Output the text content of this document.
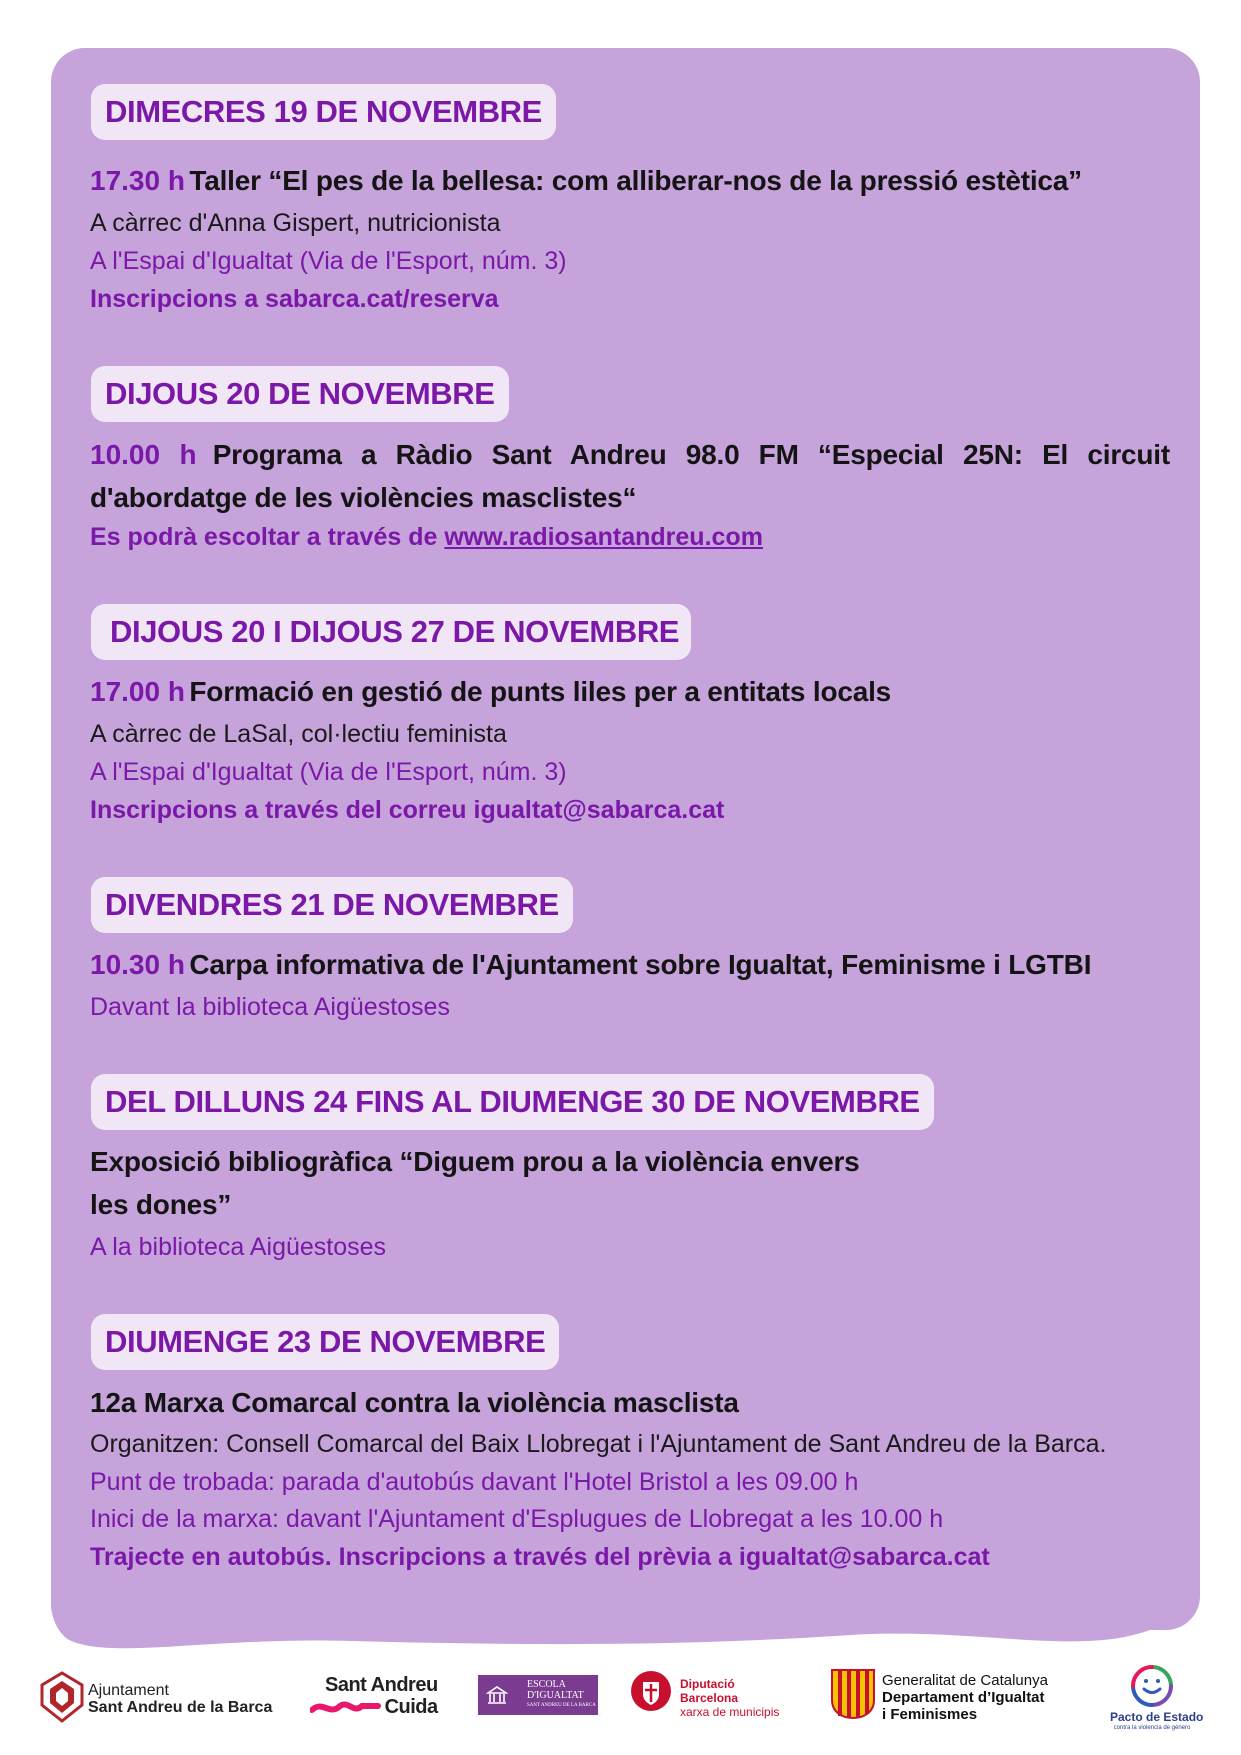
DIMECRES 19 DE NOVEMBRE
17.30 h Taller “El pes de la bellesa: com alliberar-nos de la pressió estètica”
A càrrec d'Anna Gispert, nutricionista
A l'Espai d'Igualtat (Via de l'Esport, núm. 3)
Inscripcions a sabarca.cat/reserva
DIJOUS 20 DE NOVEMBRE
10.00 h Programa a Ràdio Sant Andreu 98.0 FM “Especial 25N: El circuit
d'abordatge de les violències masclistes“
Es podrà escoltar a través de www.radiosantandreu.com
DIJOUS 20 I DIJOUS 27 DE NOVEMBRE
17.00 h Formació en gestió de punts liles per a entitats locals
A càrrec de LaSal, col·lectiu feminista
A l'Espai d'Igualtat (Via de l'Esport, núm. 3)
Inscripcions a través del correu igualtat@sabarca.cat
DIVENDRES 21 DE NOVEMBRE
10.30 h Carpa informativa de l'Ajuntament sobre Igualtat, Feminisme i LGTBI
Davant la biblioteca Aigüestoses
DEL DILLUNS 24 FINS AL DIUMENGE 30 DE NOVEMBRE
Exposició bibliogràfica “Diguem prou a la violència envers
les dones”
A la biblioteca Aigüestoses
DIUMENGE 23 DE NOVEMBRE
12a Marxa Comarcal contra la violència masclista
Organitzen: Consell Comarcal del Baix Llobregat i l'Ajuntament de Sant Andreu de la Barca.
Punt de trobada: parada d'autobús davant l'Hotel Bristol a les 09.00 h
Inici de la marxa: davant l'Ajuntament d'Esplugues de Llobregat a les 10.00 h
Trajecte en autobús. Inscripcions a través del prèvia a igualtat@sabarca.cat
Ajuntament
Sant Andreu de la Barca
Sant Andreu
Cuida
ESCOLA
D'IGUALTAT
SANT ANDREU DE LA BARCA
Diputació
Barcelona
xarxa de municipis
Generalitat de Catalunya
Departament d’Igualtat
i Feminismes	Pacto de Estado
contra la violencia de género
